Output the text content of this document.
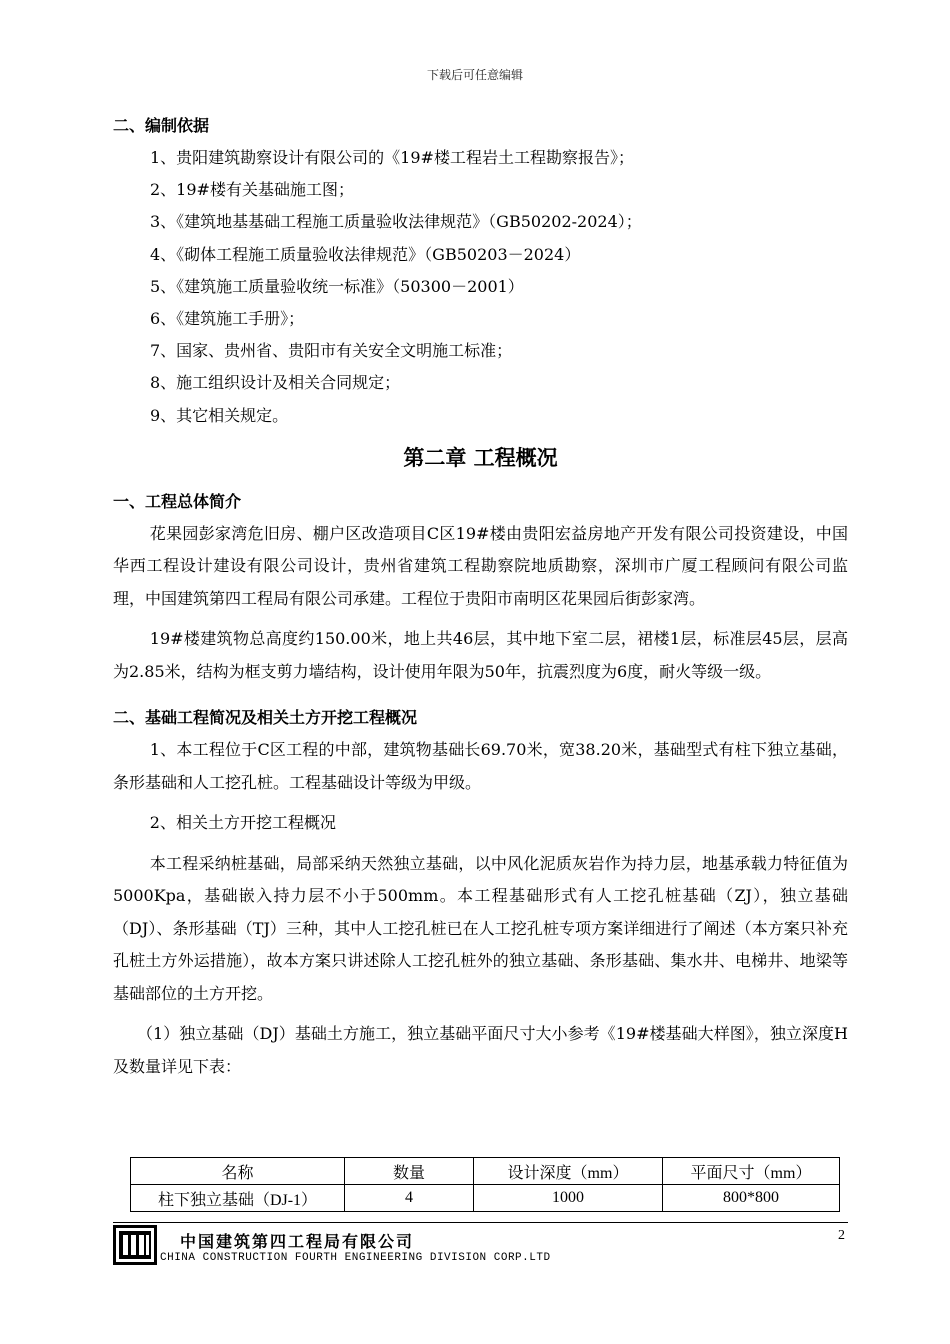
下载后可任意编辑

二、编制依据

1、贵阳建筑勘察设计有限公司的《19#楼工程岩土工程勘察报告》；

2、19#楼有关基础施工图；

3、《建筑地基基础工程施工质量验收法律规范》（GB50202-2024）；

4、《砌体工程施工质量验收法律规范》（GB50203－2024）

5、《建筑施工质量验收统一标准》（50300－2001）

6、《建筑施工手册》；

7、国家、贵州省、贵阳市有关安全文明施工标准；

8、施工组织设计及相关合同规定；

9、其它相关规定。

第二章 工程概况

一、工程总体简介

花果园彭家湾危旧房、棚户区改造项目C区19#楼由贵阳宏益房地产开发有限公司投资建设，中国华西工程设计建设有限公司设计，贵州省建筑工程勘察院地质勘察，深圳市广厦工程顾问有限公司监理，中国建筑第四工程局有限公司承建。工程位于贵阳市南明区花果园后街彭家湾。

19#楼建筑物总高度约150.00米，地上共46层，其中地下室二层，裙楼1层，标准层45层，层高为2.85米，结构为框支剪力墙结构，设计使用年限为50年，抗震烈度为6度，耐火等级一级。

二、基础工程简况及相关土方开挖工程概况

1、本工程位于C区工程的中部，建筑物基础长69.70米，宽38.20米，基础型式有柱下独立基础，条形基础和人工挖孔桩。工程基础设计等级为甲级。

2、相关土方开挖工程概况

本工程采纳桩基础，局部采纳天然独立基础，以中风化泥质灰岩作为持力层，地基承载力特征值为5000Kpa，基础嵌入持力层不小于500mm。本工程基础形式有人工挖孔桩基础（ZJ），独立基础（DJ）、条形基础（TJ）三种，其中人工挖孔桩已在人工挖孔桩专项方案详细进行了阐述（本方案只补充孔桩土方外运措施），故本方案只讲述除人工挖孔桩外的独立基础、条形基础、集水井、电梯井、地梁等基础部位的土方开挖。

（1）独立基础（DJ）基础土方施工，独立基础平面尺寸大小参考《19#楼基础大样图》，独立深度H及数量详见下表：

名称	数量	设计深度（mm）	平面尺寸（mm）
柱下独立基础（DJ-1）	4	1000	800*800
中国建筑第四工程局有限公司
CHINA CONSTRUCTION FOURTH ENGINEERING DIVISION CORP.LTD
2
